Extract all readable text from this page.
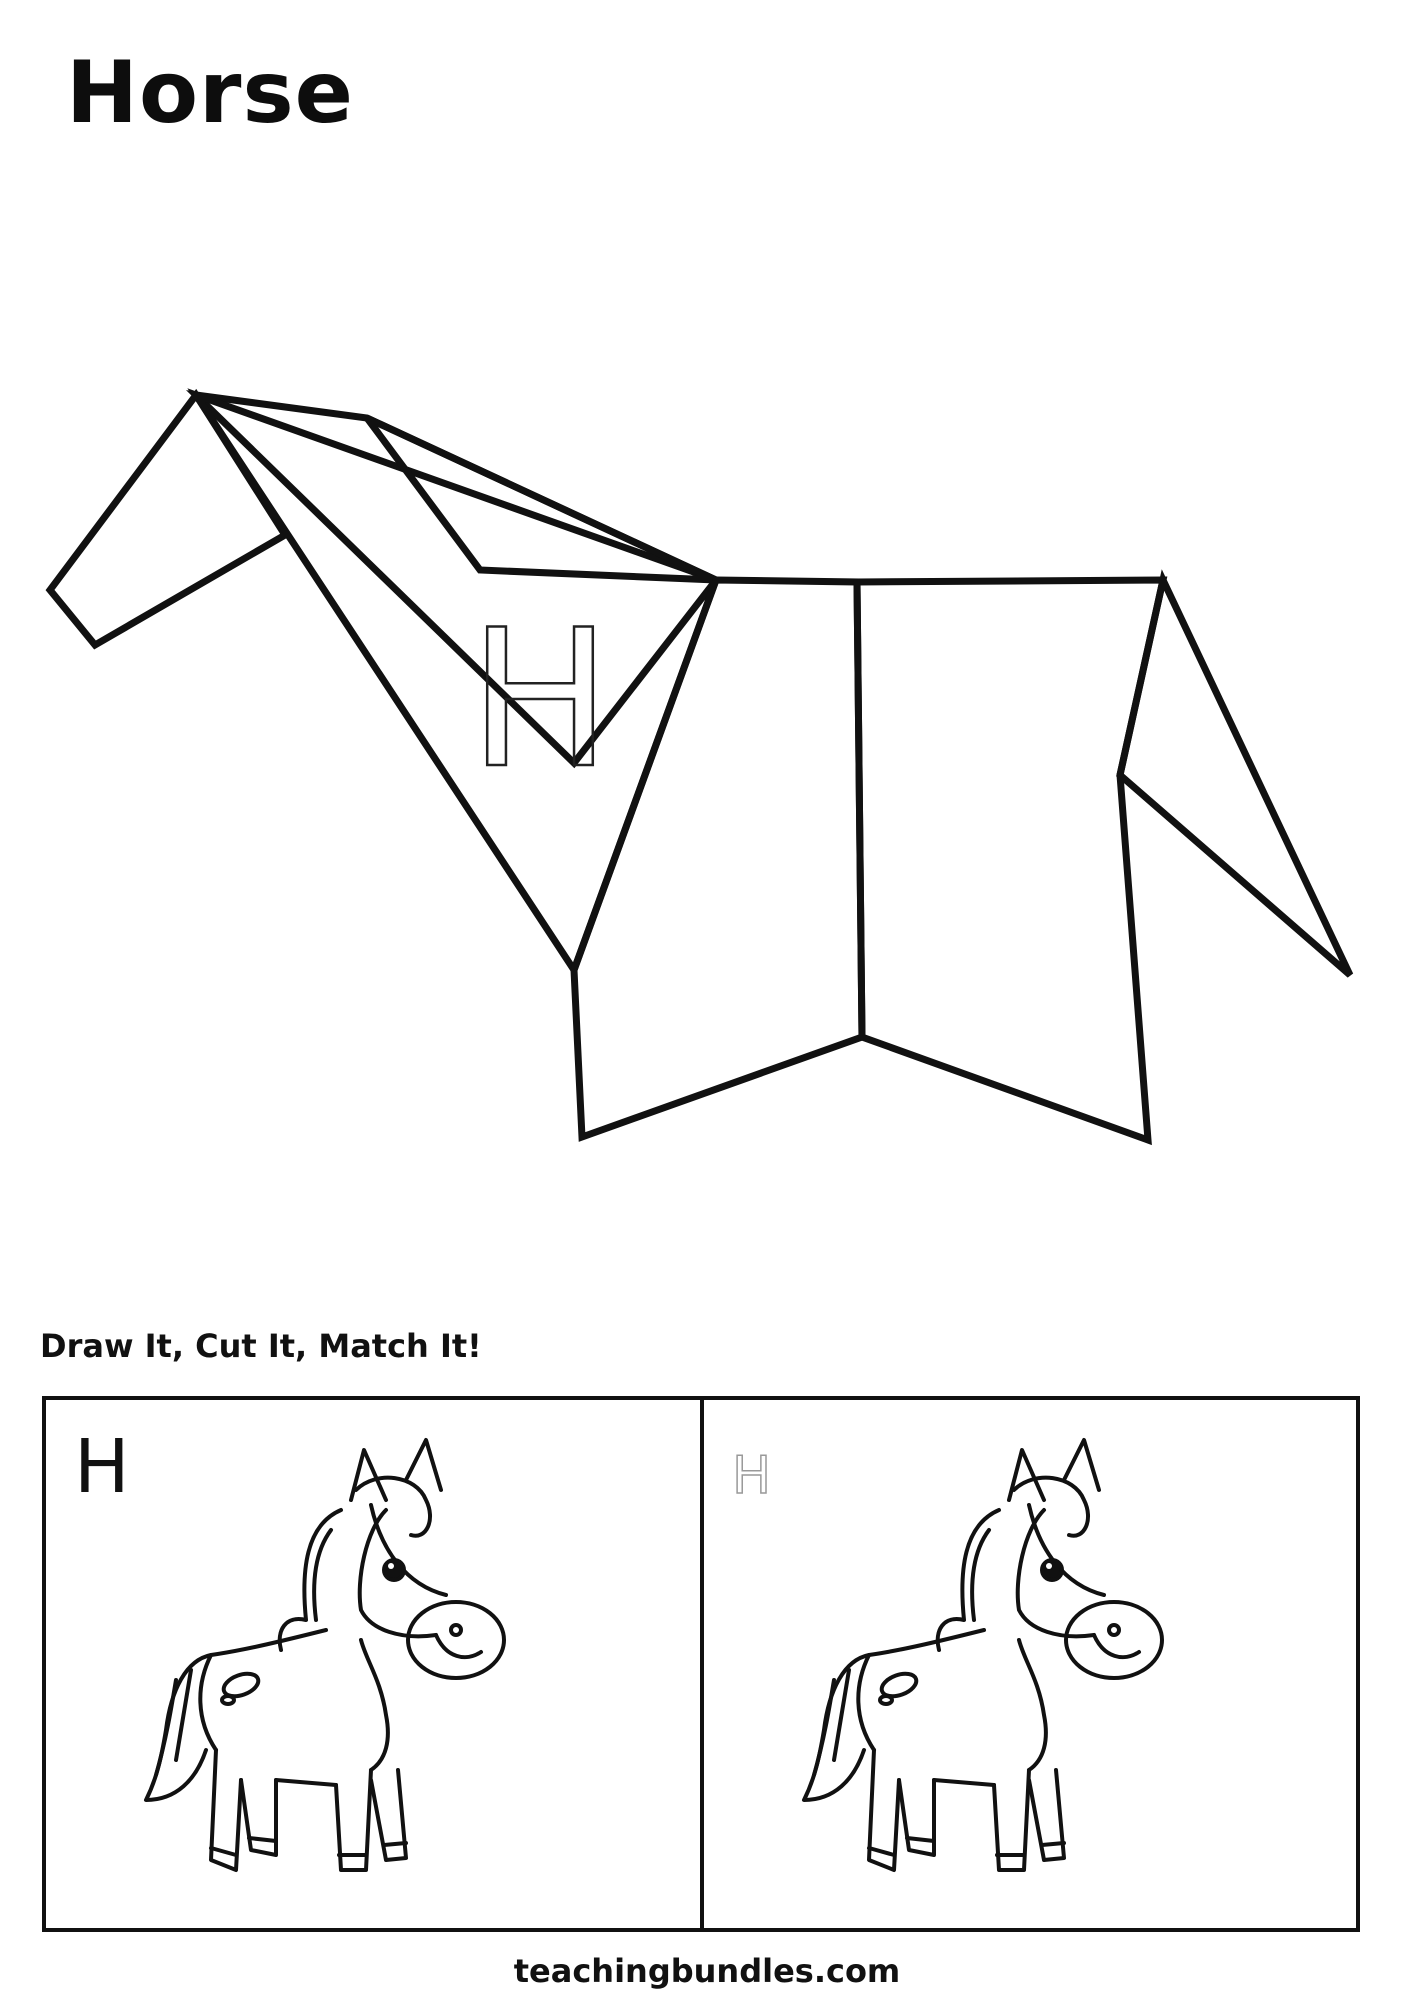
Horse
H

Draw It, Cut It, Match It!

H	H

teachingbundles.com
